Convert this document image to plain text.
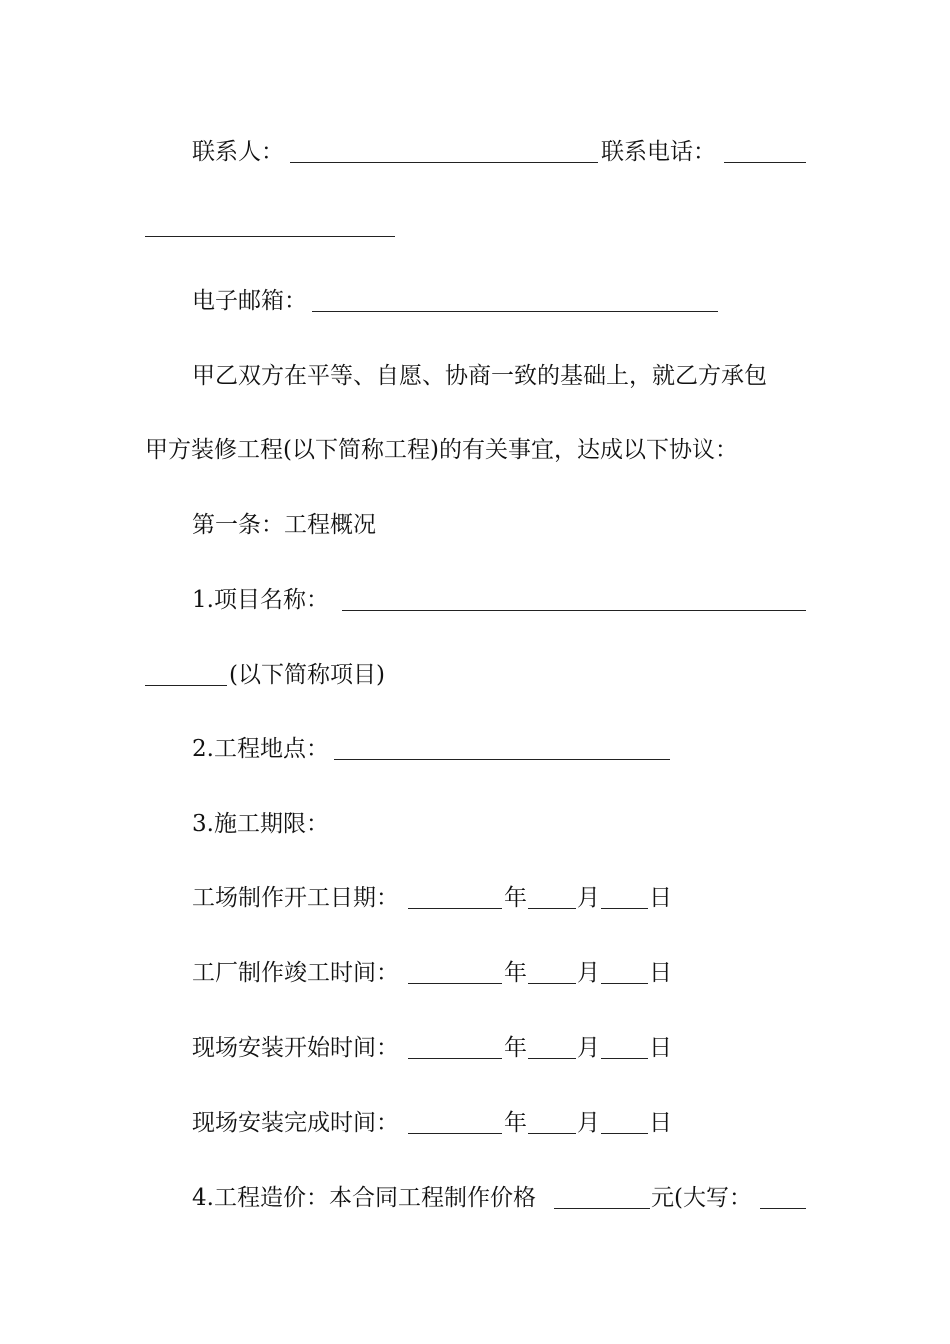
联系人：	联系电话：
电子邮箱：
甲乙双方在平等、自愿、协商一致的基础上，就乙方承包
甲方装修工程(以下简称工程)的有关事宜，达成以下协议：
第一条：工程概况
1.项目名称：
(以下简称项目)
2.工程地点：
3.施工期限：
工场制作开工日期：	年 月 日
工厂制作竣工时间：	年 月 日
现场安装开始时间：	年 月 日
现场安装完成时间：	年 月 日
4.工程造价：本合同工程制作价格	元(大写：
